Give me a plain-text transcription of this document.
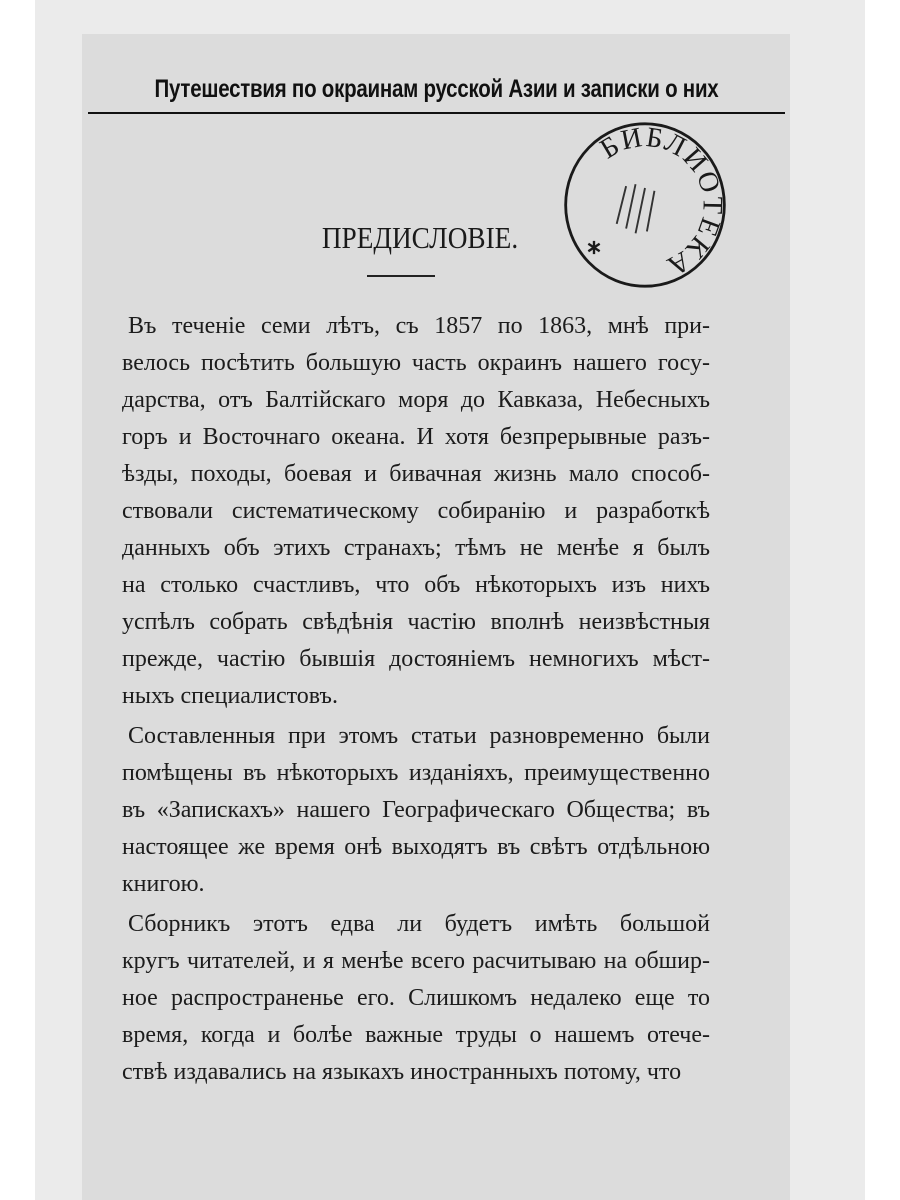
Путешествия по окраинам русской Азии и записки о них
ПРЕДИСЛОВІЕ.
БИБЛИОТЕКА
Въ теченіе семи лѣтъ, съ 1857 по 1863, мнѣ при-
велось посѣтить большую часть окраинъ нашего госу-
дарства, отъ Балтійскаго моря до Кавказа, Небесныхъ
горъ и Восточнаго океана. И хотя безпрерывные разъ-
ѣзды, походы, боевая и бивачная жизнь мало способ-
ствовали систематическому собиранію и разработкѣ
данныхъ объ этихъ странахъ; тѣмъ не менѣе я былъ
на столько счастливъ, что объ нѣкоторыхъ изъ нихъ
успѣлъ собрать свѣдѣнія частію вполнѣ неизвѣстныя
прежде, частію бывшія достояніемъ немногихъ мѣст-
ныхъ специалистовъ.
Составленныя при этомъ статьи разновременно были
помѣщены въ нѣкоторыхъ изданіяхъ, преимущественно
въ «Запискахъ» нашего Географическаго Общества; въ
настоящее же время онѣ выходятъ въ свѣтъ отдѣльною
книгою.
Сборникъ этотъ едва ли будетъ имѣть большой
кругъ читателей, и я менѣе всего расчитываю на обшир-
ное распространенье его. Слишкомъ недалеко еще то
время, когда и болѣе важные труды о нашемъ отече-
ствѣ издавались на языкахъ иностранныхъ потому, что
